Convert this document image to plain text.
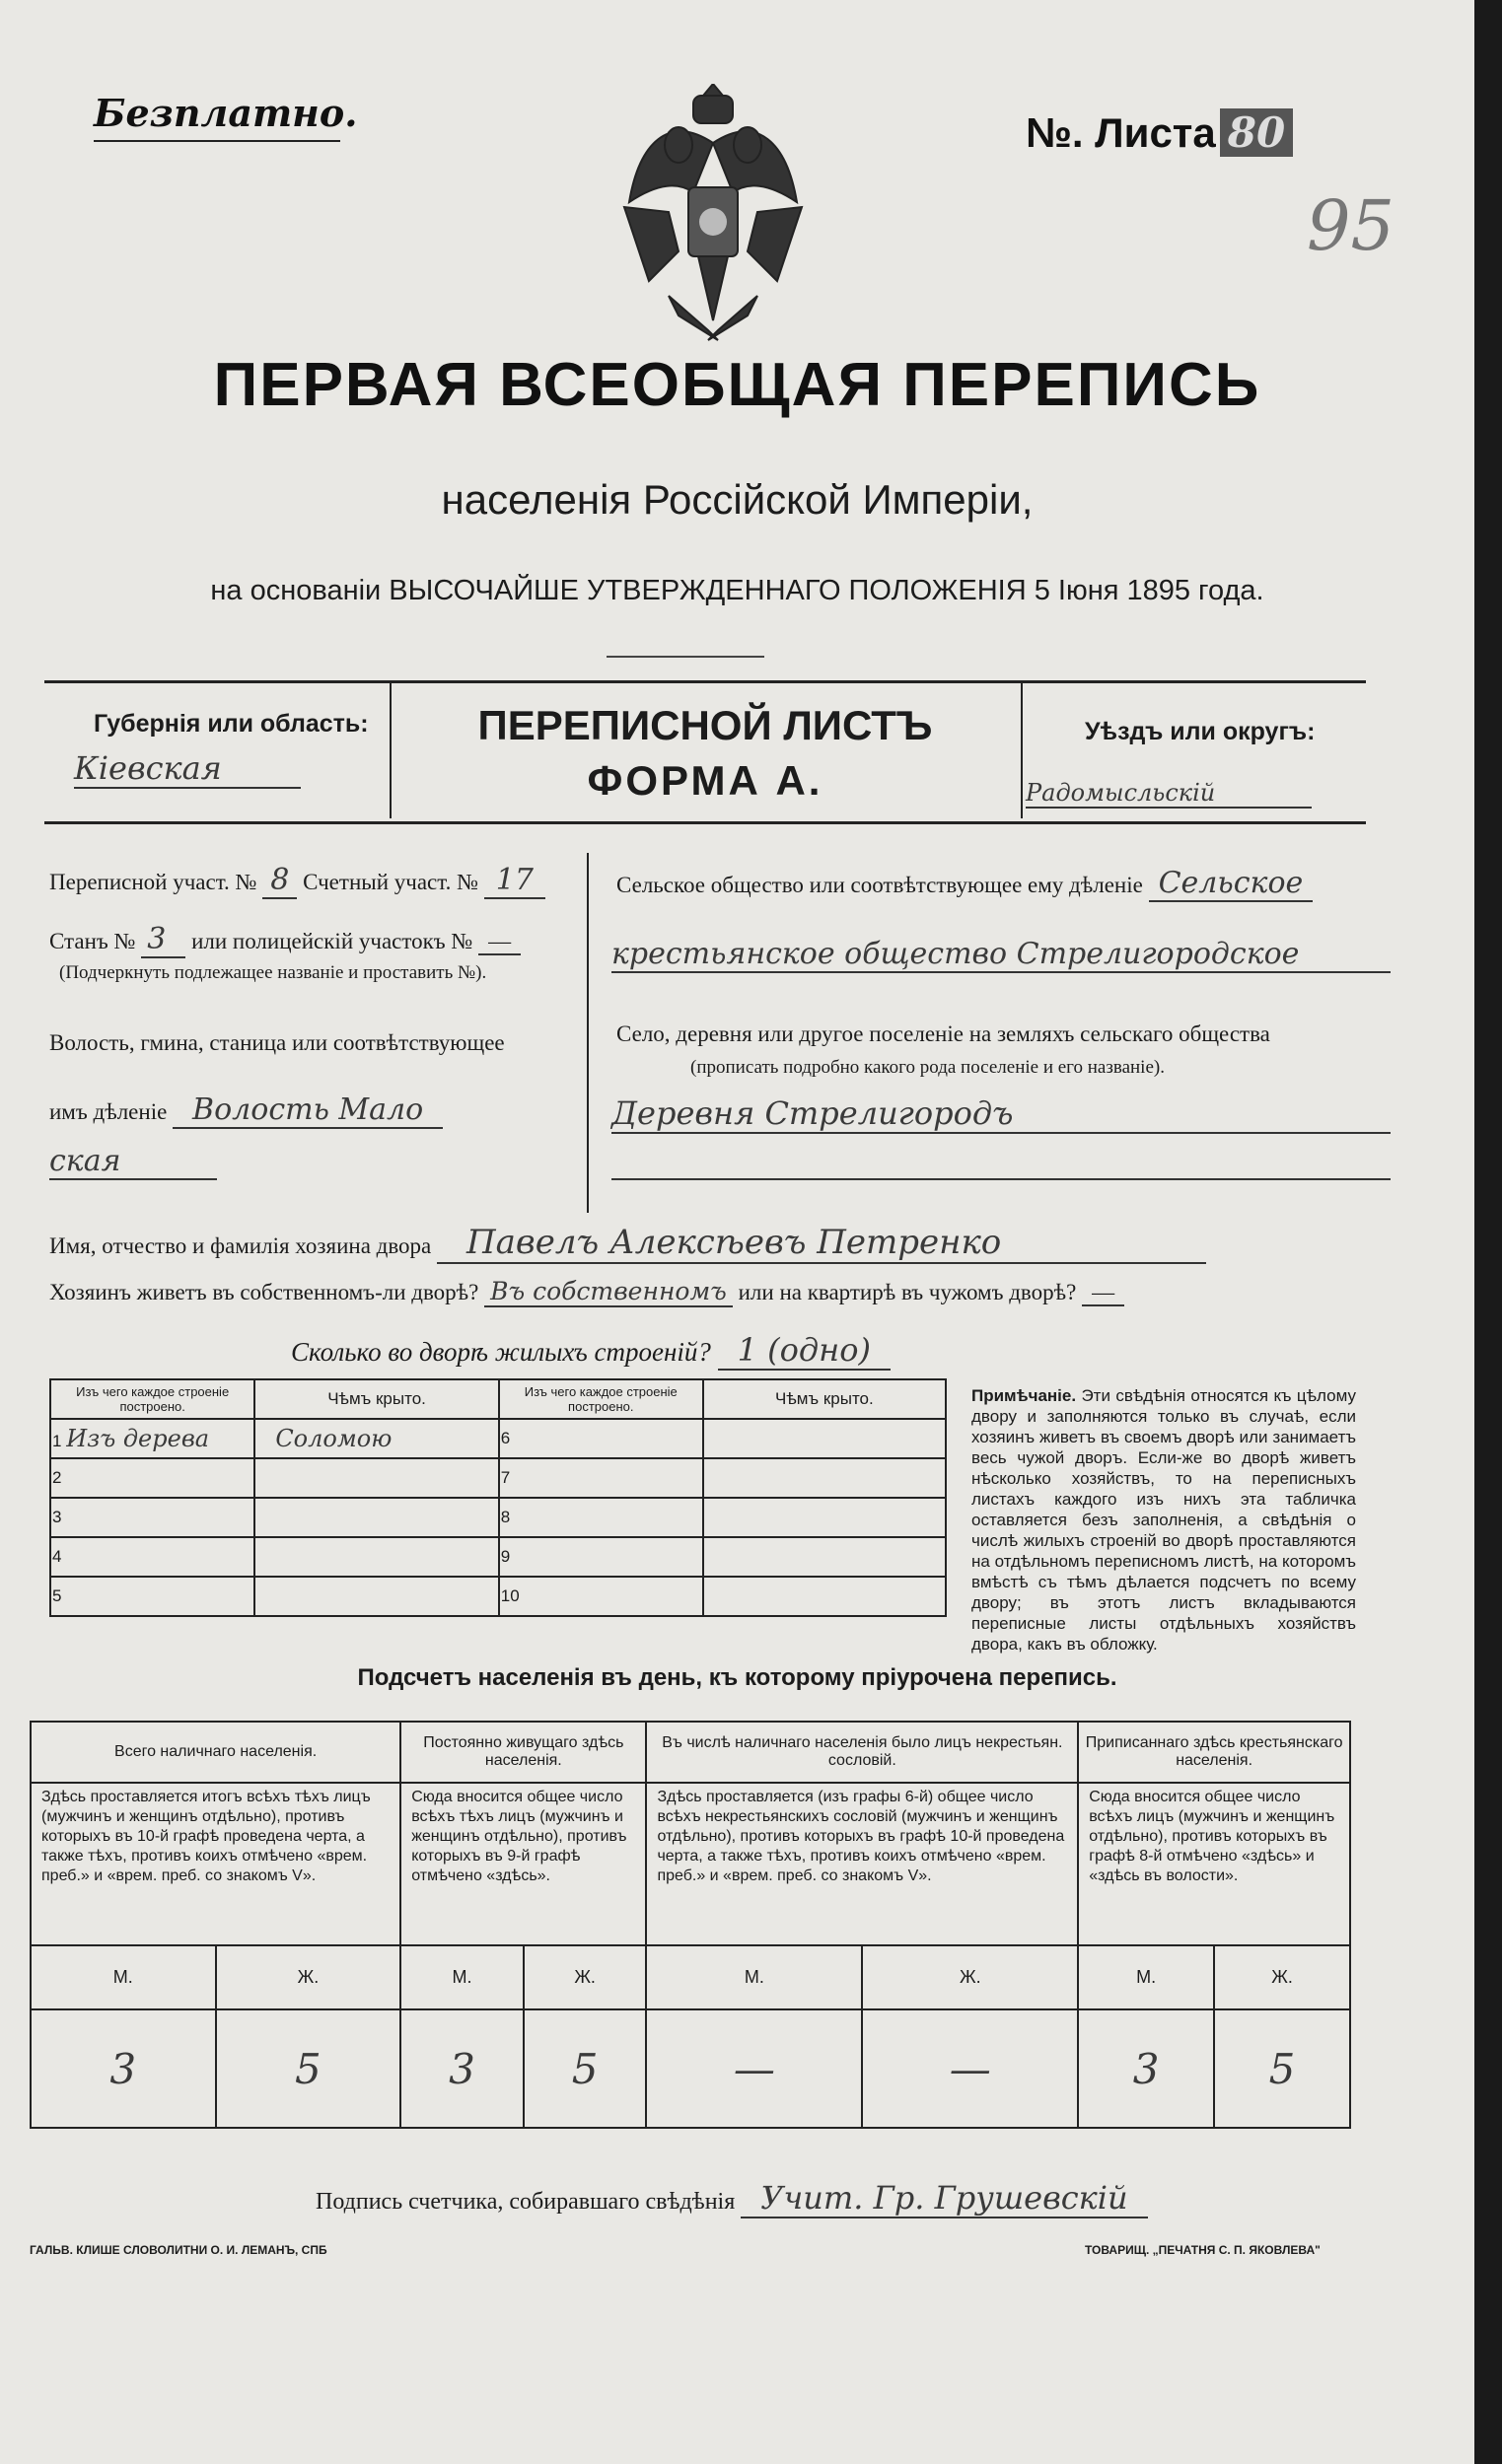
Безплатно.	№. Листа 80
95
ПЕРВАЯ ВСЕОБЩАЯ ПЕРЕПИСЬ
населенія Россійской Имперіи,
на основаніи ВЫСОЧАЙШЕ УТВЕРЖДЕННАГО ПОЛОЖЕНІЯ 5 Іюня 1895 года.
Губернія или область:
Кіевская
ПЕРЕПИСНОЙ ЛИСТЪ
ФОРМА А.
Уѣздъ или округъ:
Радомысльскій
Переписной участ. № 8 Счетный участ. № 17
Станъ № 3 или полицейскій участокъ № —
(Подчеркнуть подлежащее названіе и проставить №).
Волость, гмина, станица или соотвѣтствующее
имъ дѣленіе Волость Мало
ская
Сельское общество или соотвѣтствующее ему дѣленіе Сельское
крестьянское общество Стрелигородское
Село, деревня или другое поселеніе на земляхъ сельскаго общества
(прописать подробно какого рода поселеніе и его названіе).
Деревня Стрелигородъ
Имя, отчество и фамилія хозяина двора Павелъ Алексѣевъ Петренко
Хозяинъ живетъ въ собственномъ-ли дворѣ? Въ собственномъ или на квартирѣ въ чужомъ дворѣ? —
Сколько во дворѣ жилыхъ строеній? 1 (одно)
Изъ чего каждое строеніе построено.	Чѣмъ крыто.	Изъ чего каждое строеніе построено.	Чѣмъ крыто.
1 Изъ дерева	Соломою	6	
2		7	
3		8	
4		9	
5		10	
Примѣчаніе. Эти свѣдѣнія относятся къ цѣлому двору и заполняются только въ случаѣ, если хозяинъ живетъ въ своемъ дворѣ или занимаетъ весь чужой дворъ. Если-же во дворѣ живетъ нѣсколько хозяйствъ, то на переписныхъ листахъ каждого изъ нихъ эта табличка оставляется безъ заполненія, а свѣдѣнія о числѣ жилыхъ строеній во дворѣ проставляются на отдѣльномъ переписномъ листѣ, на которомъ вмѣстѣ съ тѣмъ дѣлается подсчетъ по всему двору; въ этотъ листъ вкладываются переписные листы отдѣльныхъ хозяйствъ двора, какъ въ обложку.
Подсчетъ населенія въ день, къ которому пріурочена перепись.
Всего наличнаго населенія.		Постоянно живущаго здѣсь населенія.		Въ числѣ наличнаго населенія было лицъ некрестьян. сословій.		Приписаннаго здѣсь крестьянскаго населенія.	
Здѣсь проставляется итогъ всѣхъ тѣхъ лицъ (мужчинъ и женщинъ отдѣльно), противъ которыхъ въ 10-й графѣ проведена черта, а также тѣхъ, противъ коихъ отмѣчено «врем. преб.» и «врем. преб. со знакомъ V».		Сюда вносится общее число всѣхъ тѣхъ лицъ (мужчинъ и женщинъ отдѣльно), противъ которыхъ въ 9-й графѣ отмѣчено «здѣсь».		Здѣсь проставляется (изъ графы 6-й) общее число всѣхъ некрестьянскихъ сословій (мужчинъ и женщинъ отдѣльно), противъ которыхъ въ графѣ 10-й проведена черта, а также тѣхъ, противъ коихъ отмѣчено «врем. преб.» и «врем. преб. со знакомъ V».		Сюда вносится общее число всѣхъ лицъ (мужчинъ и женщинъ отдѣльно), противъ которыхъ въ графѣ 8-й отмѣчено «здѣсь» и «здѣсь въ волости».	
М.	Ж.	М.	Ж.	М.	Ж.	М.	Ж.
3	5	3	5	—	—	3	5
Подпись счетчика, собиравшаго свѣдѣнія Учит. Гр. Грушевскій
ГАЛЬВ. КЛИШЕ СЛОВОЛИТНИ О. И. ЛЕМАНЪ, СПБ	ТОВАРИЩ. „ПЕЧАТНЯ С. П. ЯКОВЛЕВА"
